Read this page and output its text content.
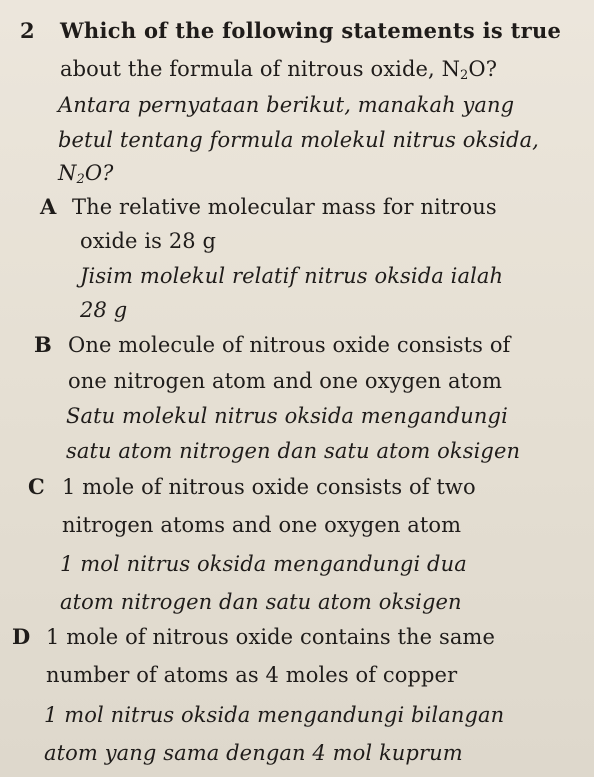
2 Which of the following statements is true
about the formula of nitrous oxide, $N_2O$?
Antara pernyataan berikut, manakah yang
betul tentang formula molekul nitrus oksida,
$N_2O$?
A The relative molecular mass for nitrous
oxide is 28 g
Jisim molekul relatif nitrus oksida ialah
28 g
B One molecule of nitrous oxide consists of
one nitrogen atom and one oxygen atom
Satu molekul nitrus oksida mengandungi
satu atom nitrogen dan satu atom oksigen
C 1 mole of nitrous oxide consists of two
nitrogen atoms and one oxygen atom
1 mol nitrus oksida mengandungi dua
atom nitrogen dan satu atom oksigen
D 1 mole of nitrous oxide contains the same
number of atoms as 4 moles of copper
1 mol nitrus oksida mengandungi bilangan
atom yang sama dengan 4 mol kuprum
